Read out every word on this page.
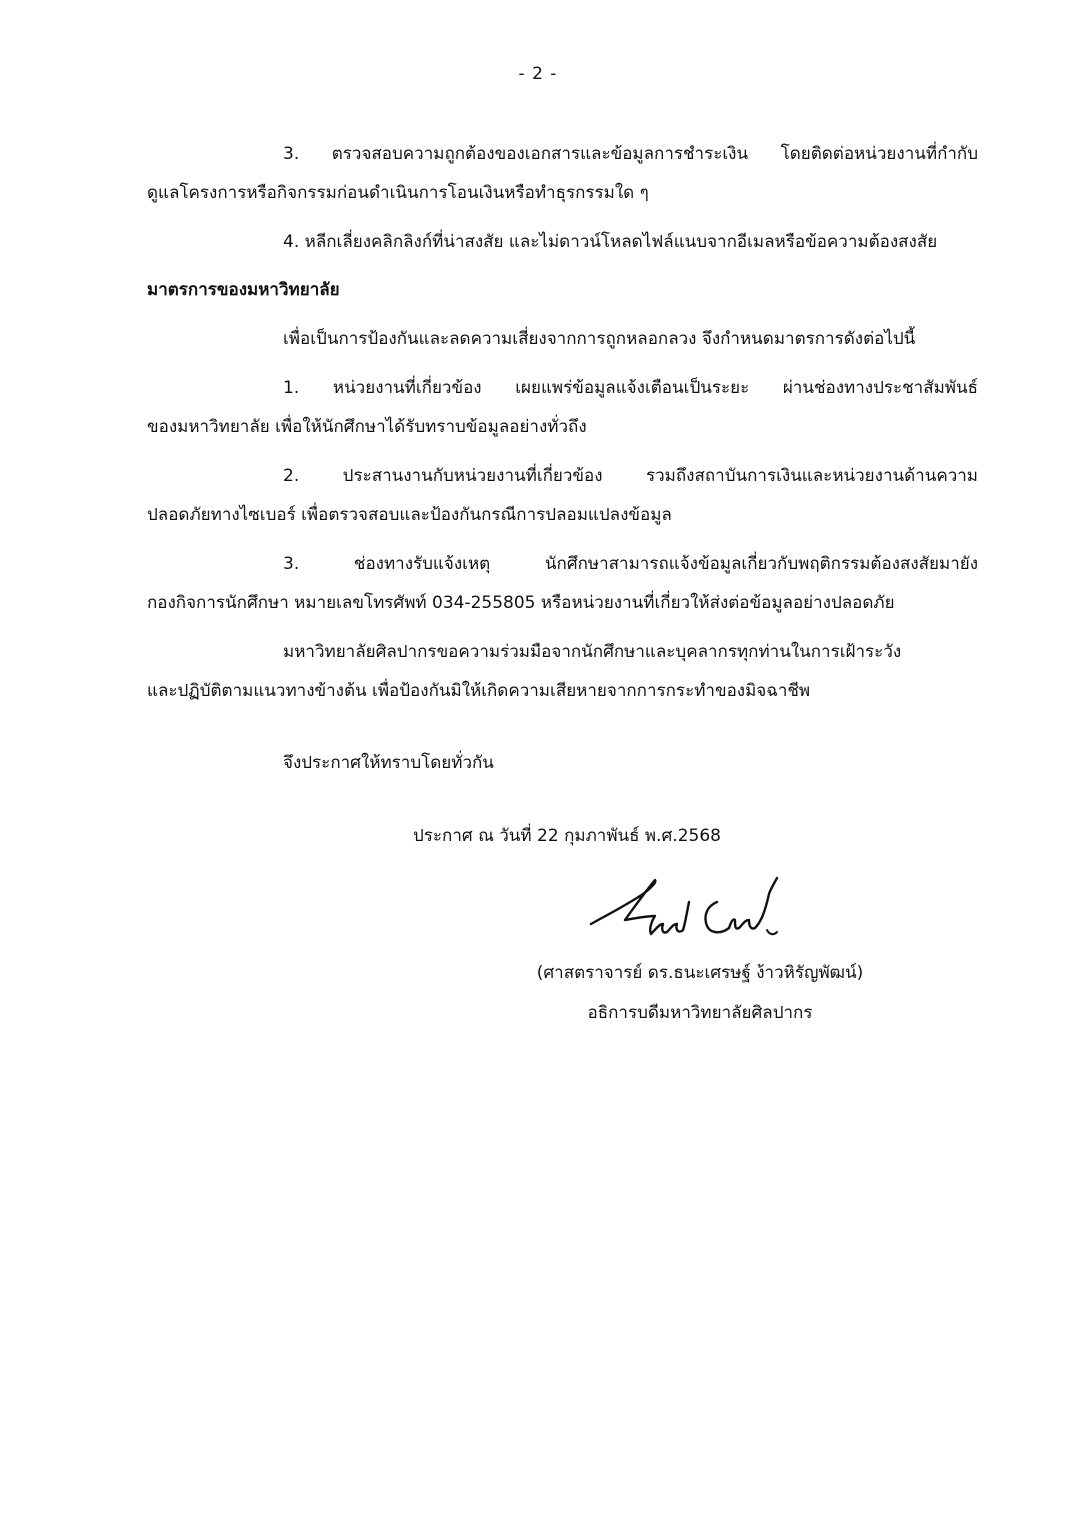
- 2 -
3. ตรวจสอบความถูกต้องของเอกสารและข้อมูลการชำระเงิน โดยติดต่อหน่วยงานที่กำกับ
ดูแลโครงการหรือกิจกรรมก่อนดำเนินการโอนเงินหรือทำธุรกรรมใด ๆ
4. หลีกเลี่ยงคลิกลิงก์ที่น่าสงสัย และไม่ดาวน์โหลดไฟล์แนบจากอีเมลหรือข้อความต้องสงสัย
มาตรการของมหาวิทยาลัย
เพื่อเป็นการป้องกันและลดความเสี่ยงจากการถูกหลอกลวง จึงกำหนดมาตรการดังต่อไปนี้
1. หน่วยงานที่เกี่ยวข้อง เผยแพร่ข้อมูลแจ้งเตือนเป็นระยะ ผ่านช่องทางประชาสัมพันธ์
ของมหาวิทยาลัย เพื่อให้นักศึกษาได้รับทราบข้อมูลอย่างทั่วถึง
2. ประสานงานกับหน่วยงานที่เกี่ยวข้อง รวมถึงสถาบันการเงินและหน่วยงานด้านความ
ปลอดภัยทางไซเบอร์ เพื่อตรวจสอบและป้องกันกรณีการปลอมแปลงข้อมูล
3. ช่องทางรับแจ้งเหตุ นักศึกษาสามารถแจ้งข้อมูลเกี่ยวกับพฤติกรรมต้องสงสัยมายัง
กองกิจการนักศึกษา หมายเลขโทรศัพท์ 034-255805 หรือหน่วยงานที่เกี่ยวให้ส่งต่อข้อมูลอย่างปลอดภัย
มหาวิทยาลัยศิลปากรขอความร่วมมือจากนักศึกษาและบุคลากรทุกท่านในการเฝ้าระวัง
และปฏิบัติตามแนวทางข้างต้น เพื่อป้องกันมิให้เกิดความเสียหายจากการกระทำของมิจฉาชีพ
จึงประกาศให้ทราบโดยทั่วกัน
ประกาศ ณ วันที่ 22 กุมภาพันธ์ พ.ศ.2568
(ศาสตราจารย์ ดร.ธนะเศรษฐ์ ง้าวหิรัญพัฒน์)
อธิการบดีมหาวิทยาลัยศิลปากร
